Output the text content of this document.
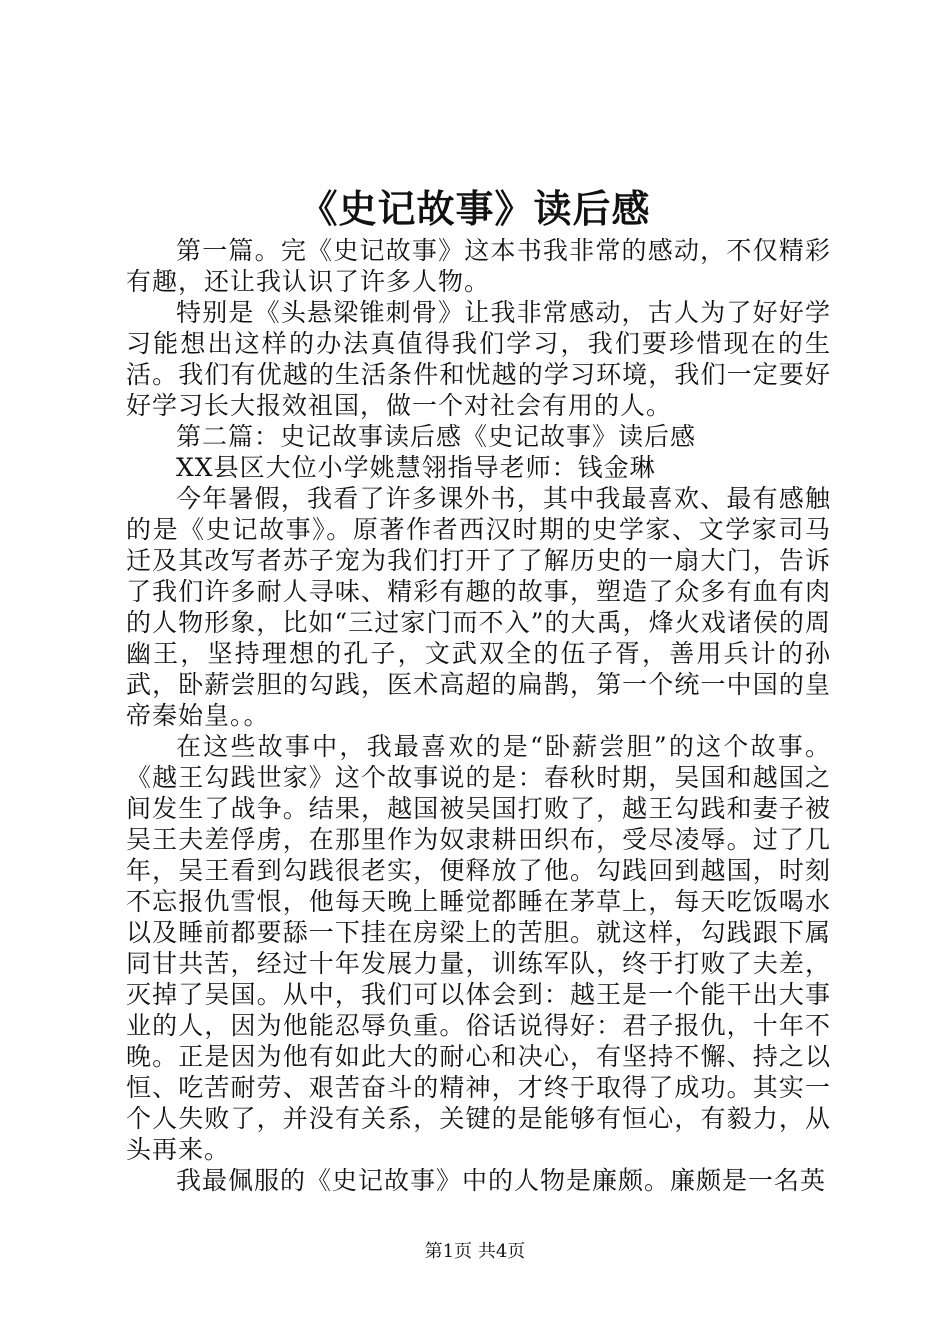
《史记故事》读后感

第一篇。完《史记故事》这本书我非常的感动，不仅精彩有趣，还让我认识了许多人物。

特别是《头悬梁锥刺骨》让我非常感动，古人为了好好学习能想出这样的办法真值得我们学习，我们要珍惜现在的生活。我们有优越的生活条件和忧越的学习环境，我们一定要好好学习长大报效祖国，做一个对社会有用的人。

第二篇：史记故事读后感《史记故事》读后感

XX县区大位小学姚慧翎指导老师：钱金琳

今年暑假，我看了许多课外书，其中我最喜欢、最有感触的是《史记故事》。原著作者西汉时期的史学家、文学家司马迁及其改写者苏子宠为我们打开了了解历史的一扇大门，告诉了我们许多耐人寻味、精彩有趣的故事，塑造了众多有血有肉的人物形象，比如“三过家门而不入”的大禹，烽火戏诸侯的周幽王，坚持理想的孔子，文武双全的伍子胥，善用兵计的孙武，卧薪尝胆的勾践，医术高超的扁鹊，第一个统一中国的皇帝秦始皇。。

在这些故事中，我最喜欢的是“卧薪尝胆”的这个故事。《越王勾践世家》这个故事说的是：春秋时期，吴国和越国之间发生了战争。结果，越国被吴国打败了，越王勾践和妻子被吴王夫差俘虏，在那里作为奴隶耕田织布，受尽凌辱。过了几年，吴王看到勾践很老实，便释放了他。勾践回到越国，时刻不忘报仇雪恨，他每天晚上睡觉都睡在茅草上，每天吃饭喝水以及睡前都要舔一下挂在房梁上的苦胆。就这样，勾践跟下属同甘共苦，经过十年发展力量，训练军队，终于打败了夫差，灭掉了吴国。从中，我们可以体会到：越王是一个能干出大事业的人，因为他能忍辱负重。俗话说得好：君子报仇，十年不晚。正是因为他有如此大的耐心和决心，有坚持不懈、持之以恒、吃苦耐劳、艰苦奋斗的精神，才终于取得了成功。其实一个人失败了，并没有关系，关键的是能够有恒心，有毅力，从头再来。

我最佩服的《史记故事》中的人物是廉颇。廉颇是一名英

第1页 共4页
